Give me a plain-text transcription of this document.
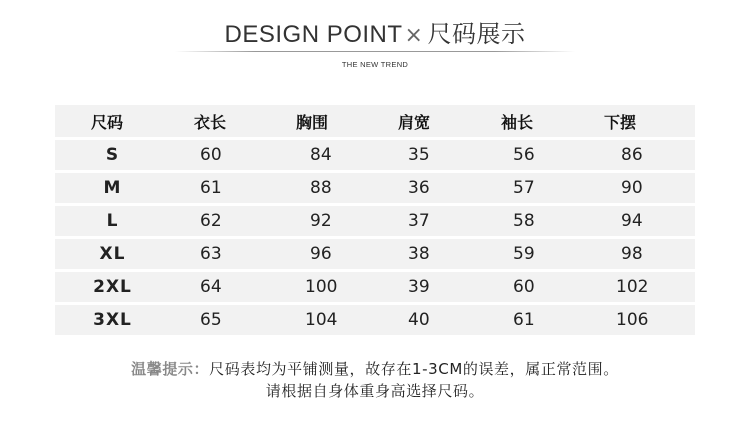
DESIGN POINT× 尺码展示
THE NEW TREND
尺码	衣长	胸围	肩宽	袖长	下摆
S	60	84	35	56	86
M	61	88	36	57	90
L	62	92	37	58	94
XL	63	96	38	59	98
2XL	64	100	39	60	102
3XL	65	104	40	61	106
温馨提示：尺码表均为平铺测量，故存在1-3CM的误差，属正常范围。
请根据自身体重身高选择尺码。
